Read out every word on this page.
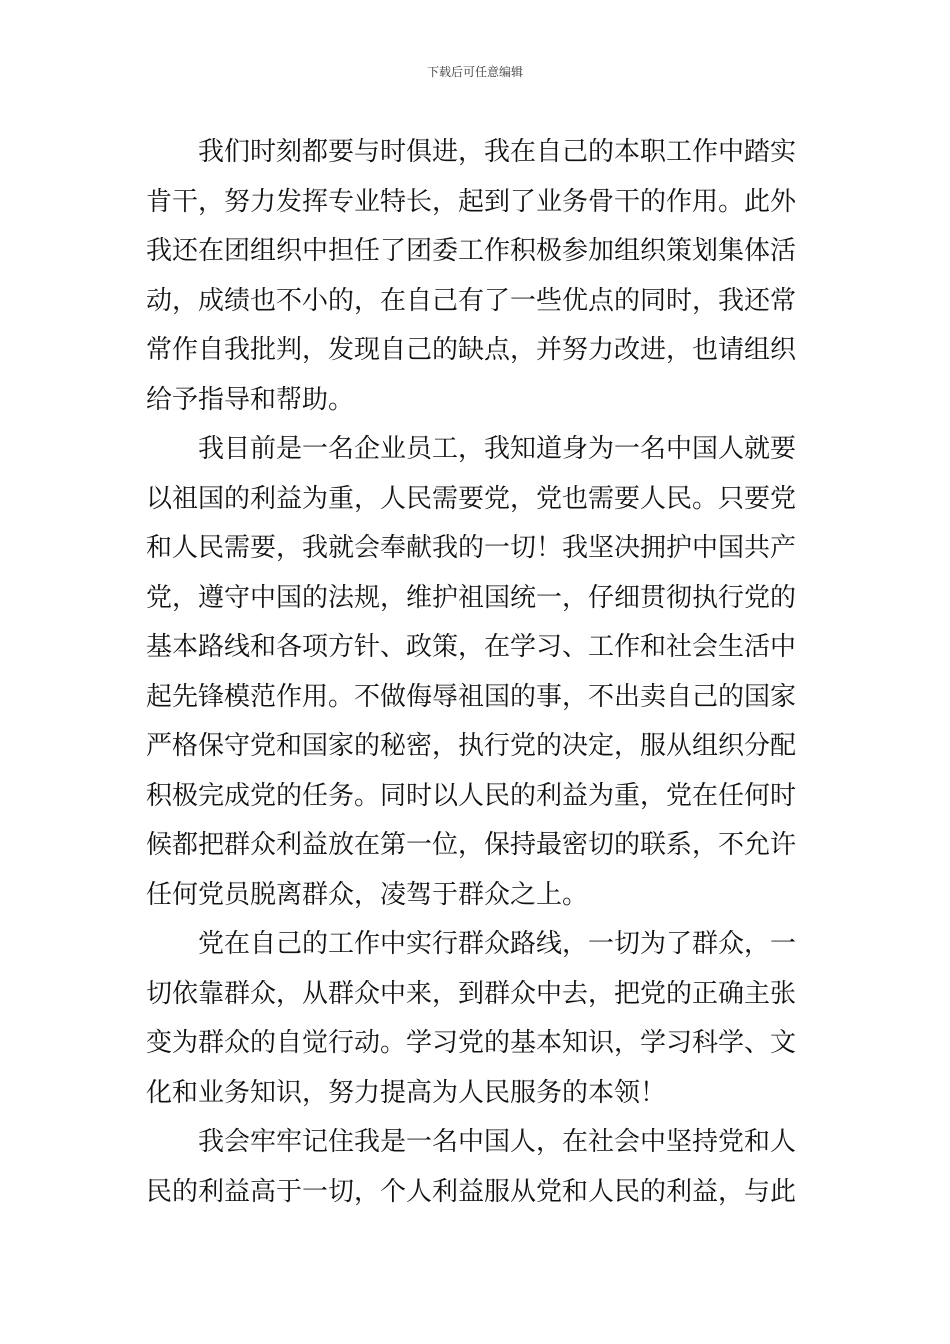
下载后可任意编辑
我们时刻都要与时俱进，我在自己的本职工作中踏实
肯干，努力发挥专业特长，起到了业务骨干的作用。此外
我还在团组织中担任了团委工作积极参加组织策划集体活
动，成绩也不小的，在自己有了一些优点的同时，我还常
常作自我批判，发现自己的缺点，并努力改进，也请组织
给予指导和帮助。
我目前是一名企业员工，我知道身为一名中国人就要
以祖国的利益为重，人民需要党，党也需要人民。只要党
和人民需要，我就会奉献我的一切！我坚决拥护中国共产
党，遵守中国的法规，维护祖国统一，仔细贯彻执行党的
基本路线和各项方针、政策，在学习、工作和社会生活中
起先锋模范作用。不做侮辱祖国的事，不出卖自己的国家
严格保守党和国家的秘密，执行党的决定，服从组织分配
积极完成党的任务。同时以人民的利益为重，党在任何时
候都把群众利益放在第一位，保持最密切的联系，不允许
任何党员脱离群众，凌驾于群众之上。
党在自己的工作中实行群众路线，一切为了群众，一
切依靠群众，从群众中来，到群众中去，把党的正确主张
变为群众的自觉行动。学习党的基本知识，学习科学、文
化和业务知识，努力提高为人民服务的本领！
我会牢牢记住我是一名中国人，在社会中坚持党和人
民的利益高于一切，个人利益服从党和人民的利益，与此
